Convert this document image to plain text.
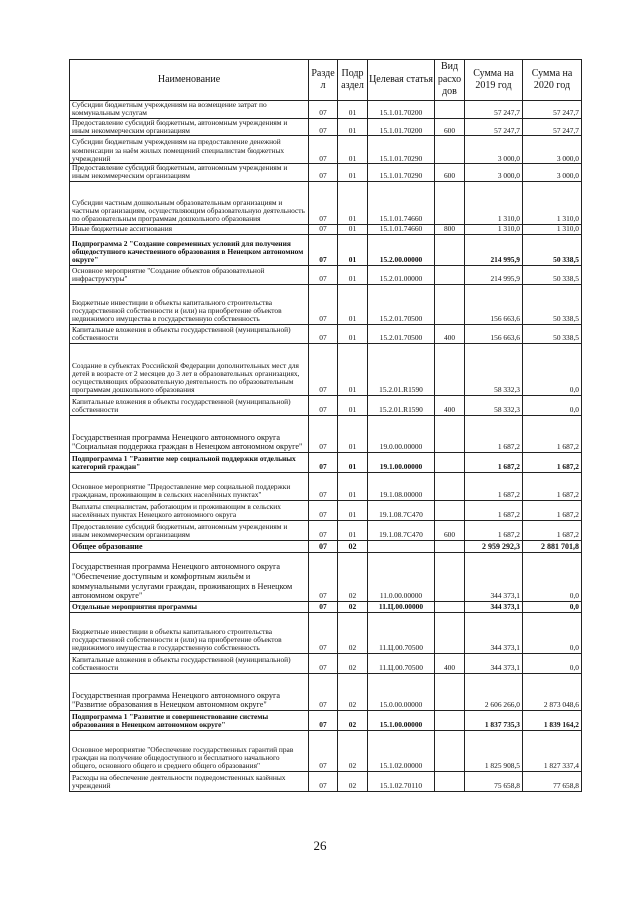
Наименование	Разде л	Подр аздел	Целевая статья	Вид расхо дов	Сумма на 2019 год	Сумма на 2020 год
Субсидии бюджетным учреждениям на возмещение затрат по коммунальным услугам	07	01	15.1.01.70200		57 247,7	57 247,7
Предоставление субсидий бюджетным, автономным учреждениям и иным некоммерческим организациям	07	01	15.1.01.70200	600	57 247,7	57 247,7
Субсидии бюджетным учреждениям на предоставление денежной компенсации за наём жилых помещений специалистам бюджетных учреждений	07	01	15.1.01.70290		3 000,0	3 000,0
Предоставление субсидий бюджетным, автономным учреждениям и иным некоммерческим организациям	07	01	15.1.01.70290	600	3 000,0	3 000,0
Субсидии частным дошкольным образовательным организациям и частным организациям, осуществляющим образовательную деятельность по образовательным программам дошкольного образования	07	01	15.1.01.74660		1 310,0	1 310,0
Иные бюджетные ассигнования	07	01	15.1.01.74660	800	1 310,0	1 310,0
Подпрограмма 2 "Создание современных условий для получения общедоступного качественного образования в Ненецком автономном округе"	07	01	15.2.00.00000		214 995,9	50 338,5
Основное мероприятие "Создание объектов образовательной инфраструктуры"	07	01	15.2.01.00000		214 995,9	50 338,5
Бюджетные инвестиции в объекты капитального строительства государственной собственности и (или) на приобретение объектов недвижимого имущества в государственную собственность	07	01	15.2.01.70500		156 663,6	50 338,5
Капитальные вложения в объекты государственной (муниципальной) собственности	07	01	15.2.01.70500	400	156 663,6	50 338,5
Создание в субъектах Российской Федерации дополнительных мест для детей в возрасте от 2 месяцев до 3 лет в образовательных организациях, осуществляющих образовательную деятельность по образовательным программам дошкольного образования	07	01	15.2.01.R1590		58 332,3	0,0
Капитальные вложения в объекты государственной (муниципальной) собственности	07	01	15.2.01.R1590	400	58 332,3	0,0
Государственная программа Ненецкого автономного округа "Социальная поддержка граждан в Ненецком автономном округе"	07	01	19.0.00.00000		1 687,2	1 687,2
Подпрограмма 1 "Развитие мер социальной поддержки отдельных категорий граждан"	07	01	19.1.00.00000		1 687,2	1 687,2
Основное мероприятие "Предоставление мер социальной поддержки гражданам, проживающим в сельских населённых пунктах"	07	01	19.1.08.00000		1 687,2	1 687,2
Выплаты специалистам, работающим и проживающим в сельских населённых пунктах Ненецкого автономного округа	07	01	19.1.08.7C470		1 687,2	1 687,2
Предоставление субсидий бюджетным, автономным учреждениям и иным некоммерческим организациям	07	01	19.1.08.7C470	600	1 687,2	1 687,2
Общее образование	07	02			2 959 292,3	2 881 701,8
Государственная программа Ненецкого автономного округа "Обеспечение доступным и комфортным жильём и коммунальными услугами граждан, проживающих в Ненецком автономном округе"	07	02	11.0.00.00000		344 373,1	0,0
Отдельные мероприятия программы	07	02	11.Ц.00.00000		344 373,1	0,0
Бюджетные инвестиции в объекты капитального строительства государственной собственности и (или) на приобретение объектов недвижимого имущества в государственную собственность	07	02	11.Ц.00.70500		344 373,1	0,0
Капитальные вложения в объекты государственной (муниципальной) собственности	07	02	11.Ц.00.70500	400	344 373,1	0,0
Государственная программа Ненецкого автономного округа "Развитие образования в Ненецком автономном округе"	07	02	15.0.00.00000		2 606 266,0	2 873 048,6
Подпрограмма 1 "Развитие и совершенствование системы образования в Ненецком автономном округе"	07	02	15.1.00.00000		1 837 735,3	1 839 164,2
Основное мероприятие "Обеспечение государственных гарантий прав граждан на получение общедоступного и бесплатного начального общего, основного общего и среднего общего образования"	07	02	15.1.02.00000		1 825 908,5	1 827 337,4
Расходы на обеспечение деятельности подведомственных казённых учреждений	07	02	15.1.02.70110		75 658,8	77 658,8
26
